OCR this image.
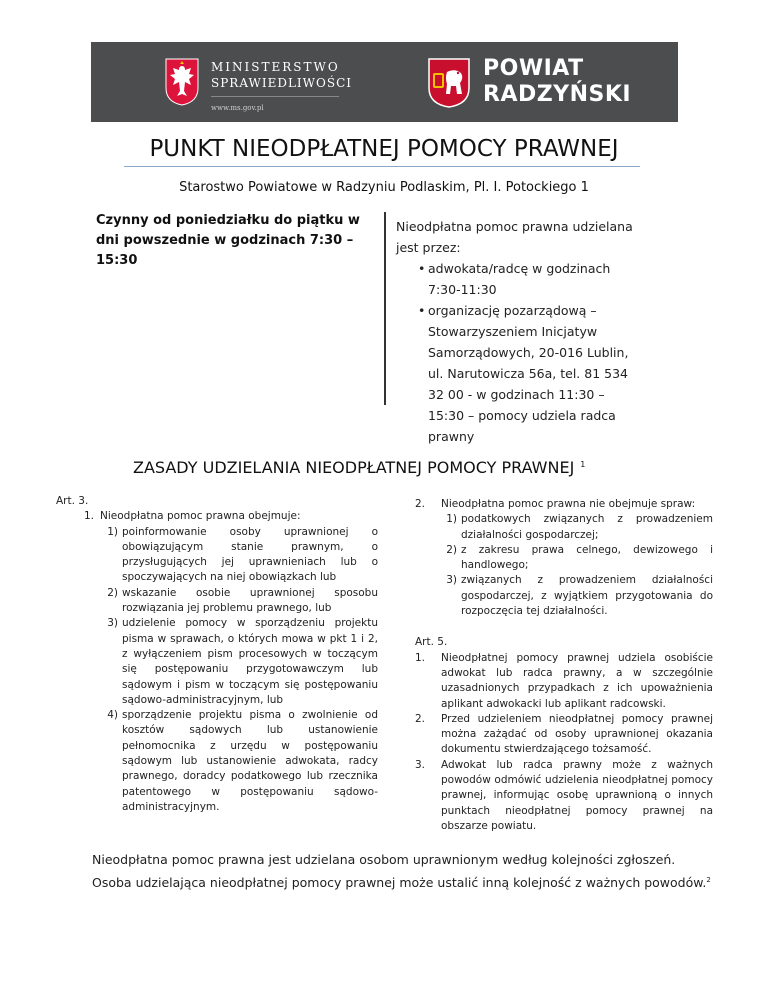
MINISTERSTWO
SPRAWIEDLIWOŚCI
www.ms.gov.pl
POWIAT
RADZYŃSKI
PUNKT NIEODPŁATNEJ POMOCY PRAWNEJ
Starostwo Powiatowe w Radzyniu Podlaskim, Pl. I. Potockiego 1
Czynny od poniedziałku do piątku w dni powszednie w godzinach 7:30 – 15:30
Nieodpłatna pomoc prawna udzielana jest przez:
• adwokata/radcę w godzinach 7:30-11:30
• organizację pozarządową – Stowarzyszeniem Inicjatyw Samorządowych, 20-016 Lublin, ul. Narutowicza 56a, tel. 81 534 32 00 - w godzinach 11:30 – 15:30 – pomocy udziela radca prawny
ZASADY UDZIELANIA NIEODPŁATNEJ POMOCY PRAWNEJ $^1$
Art. 3.
1. Nieodpłatna pomoc prawna obejmuje:
1) poinformowanie osoby uprawnionej o obowiązującym stanie prawnym, o przysługujących jej uprawnieniach lub o spoczywających na niej obowiązkach lub
2) wskazanie osobie uprawnionej sposobu rozwiązania jej problemu prawnego, lub
3) udzielenie pomocy w sporządzeniu projektu pisma w sprawach, o których mowa w pkt 1 i 2, z wyłączeniem pism procesowych w toczącym się postępowaniu przygotowawczym lub sądowym i pism w toczącym się postępowaniu sądowo-administracyjnym, lub
4) sporządzenie projektu pisma o zwolnienie od kosztów sądowych lub ustanowienie pełnomocnika z urzędu w postępowaniu sądowym lub ustanowienie adwokata, radcy prawnego, doradcy podatkowego lub rzecznika patentowego w postępowaniu sądowo-administracyjnym.
2.	Nieodpłatna pomoc prawna nie obejmuje spraw:
1) podatkowych związanych z prowadzeniem działalności gospodarczej;
2) z zakresu prawa celnego, dewizowego i handlowego;
3) związanych z prowadzeniem działalności gospodarczej, z wyjątkiem przygotowania do rozpoczęcia tej działalności.
Art. 5.
1.	Nieodpłatnej pomocy prawnej udziela osobiście adwokat lub radca prawny, a w szczególnie uzasadnionych przypadkach z ich upoważnienia aplikant adwokacki lub aplikant radcowski.
2.	Przed udzieleniem nieodpłatnej pomocy prawnej można zażądać od osoby uprawnionej okazania dokumentu stwierdzającego tożsamość.
3.	Adwokat lub radca prawny może z ważnych powodów odmówić udzielenia nieodpłatnej pomocy prawnej, informując osobę uprawnioną o innych punktach nieodpłatnej pomocy prawnej na obszarze powiatu.
Nieodpłatna pomoc prawna jest udzielana osobom uprawnionym według kolejności zgłoszeń.
Osoba udzielająca nieodpłatnej pomocy prawnej może ustalić inną kolejność z ważnych powodów.$^2$
